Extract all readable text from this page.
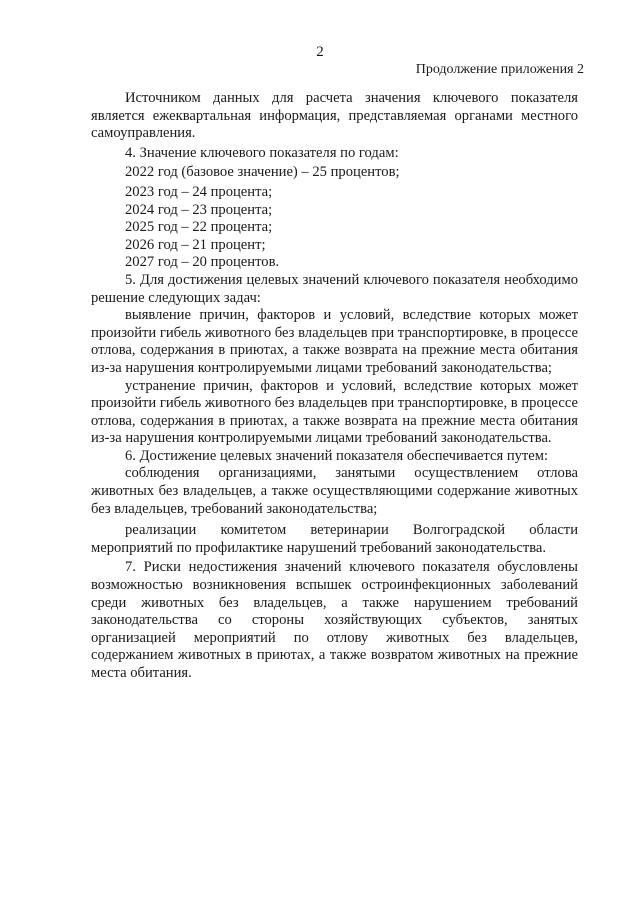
2
Продолжение приложения 2

Источником данных для расчета значения ключевого показателя является ежеквартальная информация, представляемая органами местного самоуправления.

4. Значение ключевого показателя по годам:

2022 год (базовое значение) – 25 процентов;

2023 год – 24 процента;

2024 год – 23 процента;

2025 год – 22 процента;

2026 год – 21 процент;

2027 год – 20 процентов.

5. Для достижения целевых значений ключевого показателя необходимо решение следующих задач:

выявление причин, факторов и условий, вследствие которых может произойти гибель животного без владельцев при транспортировке, в процессе отлова, содержания в приютах, а также возврата на прежние места обитания из-за нарушения контролируемыми лицами требований законодательства;

устранение причин, факторов и условий, вследствие которых может произойти гибель животного без владельцев при транспортировке, в процессе отлова, содержания в приютах, а также возврата на прежние места обитания из-за нарушения контролируемыми лицами требований законодательства.

6. Достижение целевых значений показателя обеспечивается путем:

соблюдения организациями, занятыми осуществлением отлова животных без владельцев, а также осуществляющими содержание животных без владельцев, требований законодательства;

реализации комитетом ветеринарии Волгоградской области мероприятий по профилактике нарушений требований законодательства.

7. Риски недостижения значений ключевого показателя обусловлены возможностью возникновения вспышек остроинфекционных заболеваний среди животных без владельцев, а также нарушением требований законодательства со стороны хозяйствующих субъектов, занятых организацией мероприятий по отлову животных без владельцев, содержанием животных в приютах, а также возвратом животных на прежние места обитания.
